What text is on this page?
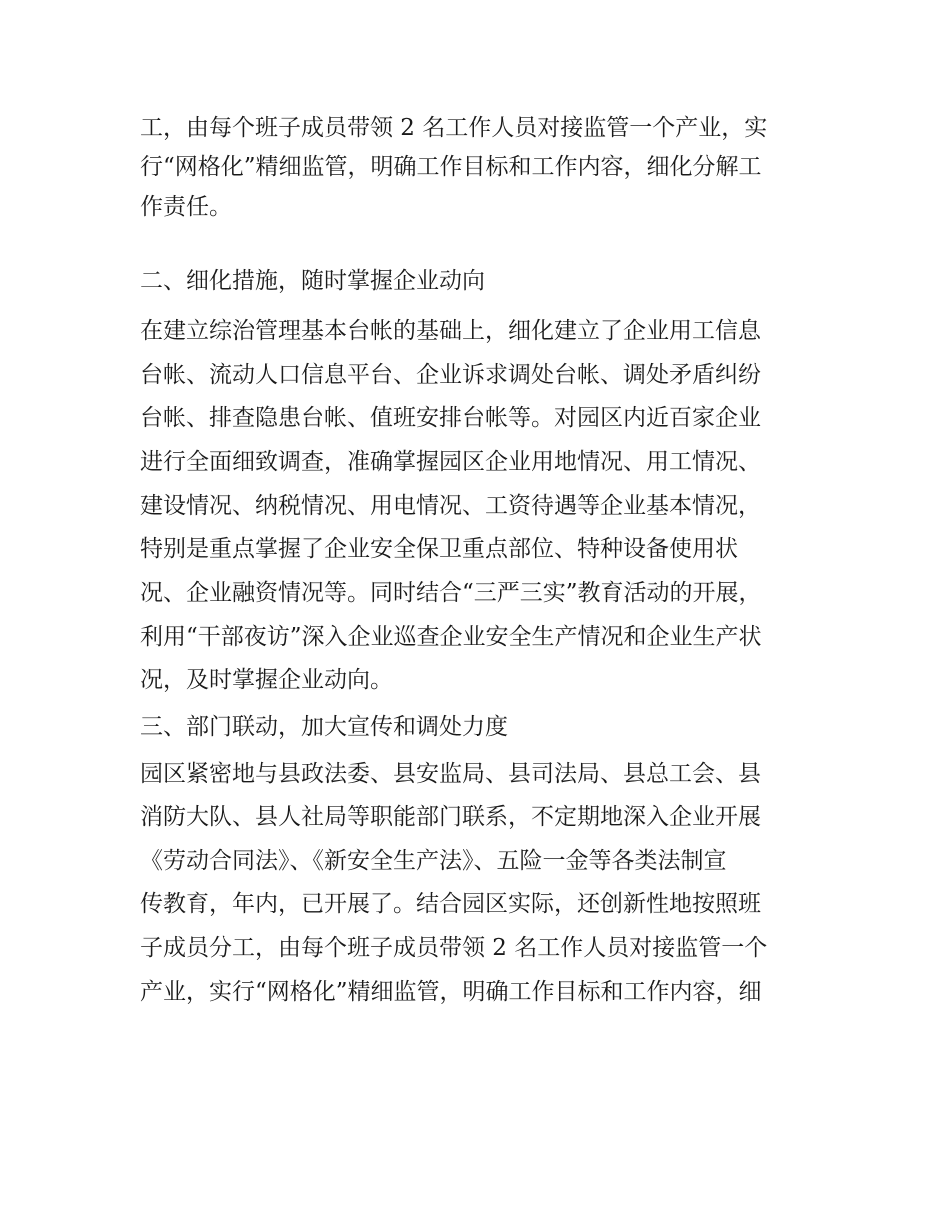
工，由每个班子成员带领 2 名工作人员对接监管一个产业，实
行“网格化”精细监管，明确工作目标和工作内容，细化分解工
作责任。
二、细化措施，随时掌握企业动向
在建立综治管理基本台帐的基础上，细化建立了企业用工信息
台帐、流动人口信息平台、企业诉求调处台帐、调处矛盾纠纷
台帐、排查隐患台帐、值班安排台帐等。对园区内近百家企业
进行全面细致调查，准确掌握园区企业用地情况、用工情况、
建设情况、纳税情况、用电情况、工资待遇等企业基本情况，
特别是重点掌握了企业安全保卫重点部位、特种设备使用状
况、企业融资情况等。同时结合“三严三实”教育活动的开展，
利用“干部夜访”深入企业巡查企业安全生产情况和企业生产状
况，及时掌握企业动向。
三、部门联动，加大宣传和调处力度
园区紧密地与县政法委、县安监局、县司法局、县总工会、县
消防大队、县人社局等职能部门联系，不定期地深入企业开展
《劳动合同法》、《新安全生产法》、五险一金等各类法制宣
传教育，年内，已开展了。结合园区实际，还创新性地按照班
子成员分工，由每个班子成员带领 2 名工作人员对接监管一个
产业，实行“网格化”精细监管，明确工作目标和工作内容，细
